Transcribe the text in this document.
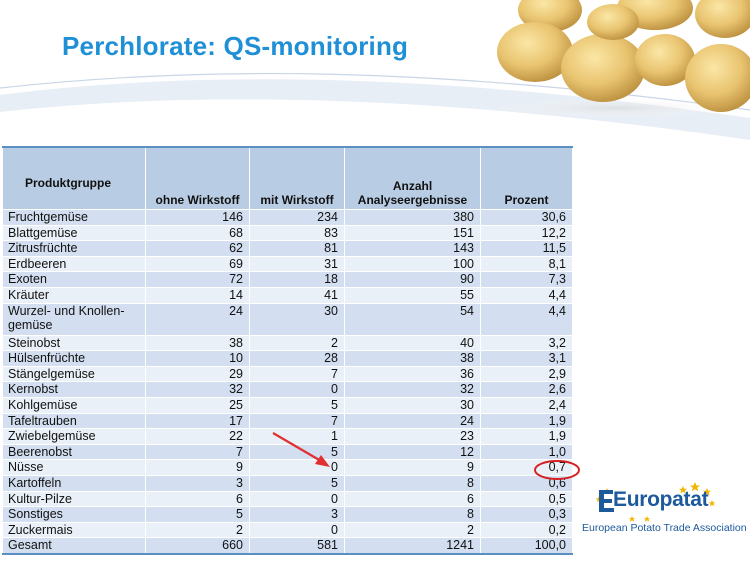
Perchlorate: QS-monitoring
Produktgruppe	ohne Wirkstoff	mit Wirkstoff	Anzahl Analyseergebnisse	Prozent
Fruchtgemüse	146	234	380	30,6
Blattgemüse	68	83	151	12,2
Zitrusfrüchte	62	81	143	11,5
Erdbeeren	69	31	100	8,1
Exoten	72	18	90	7,3
Kräuter	14	41	55	4,4
Wurzel- und Knollen-gemüse	24	30	54	4,4
Steinobst	38	2	40	3,2
Hülsenfrüchte	10	28	38	3,1
Stängelgemüse	29	7	36	2,9
Kernobst	32	0	32	2,6
Kohlgemüse	25	5	30	2,4
Tafeltrauben	17	7	24	1,9
Zwiebelgemüse	22	1	23	1,9
Beerenobst	7	5	12	1,0
Nüsse	9	0	9	0,7
Kartoffeln	3	5	8	0,6
Kultur-Pilze	6	0	6	0,5
Sonstiges	5	3	8	0,3
Zuckermais	2	0	2	0,2
Gesamt	660	581	1241	100,0
Europatat
European Potato Trade Association
